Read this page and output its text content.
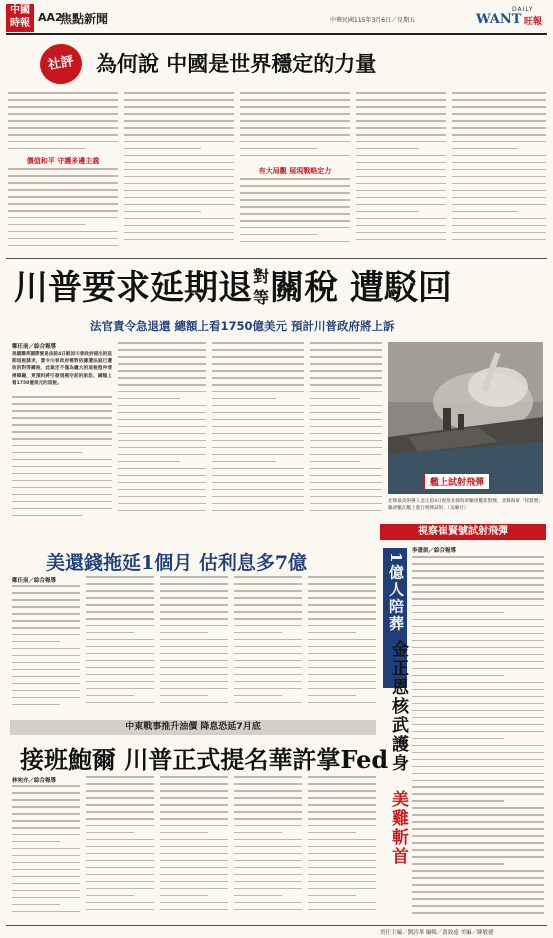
中國
時報 AA2
焦點新聞	中華民國115年3月6日／星期五
DAILY
WANT 旺報
社評 為何說 中國是世界穩定的力量
價值和平 守護多邊主義
有大局觀 展現戰略定力
川普要求延期退 對
等 關稅 遭駁回
法官責令急退還 總額上看1750億美元 預計川普政府將上訴
鄭任南／綜合報導
美國聯邦國際貿易法院4日駁回川普政府提出的延期退稅請求，責令川普政府需對依據遭法庭已遭收的對等關稅，此裁定不僅為龐大的退稅程序清掃障礙，更預料將引發規模空前的訴訟，總額上看1750億美元的退稅。
艦上試射飛彈
北韓最高領導人金正恩4日視察北韓海軍驅逐艦崔賢號，北韓海軍「崔賢號」驅逐艦在艦上進行飛彈試射。（美聯社）
視察崔賢號試射飛彈
1億人陪葬
金正恩核武護身
美雞斬首
李書訓／綜合報導
美還錢拖延1個月 估利息多7億
鄭任南／綜合報導
中東戰事推升油價 降息恐延7月底
接班鮑爾 川普正式提名華許掌Fed
林宛亦／綜合報導
責任主編／劉詩華 編輯／黃致遠 美編／陳敏捷
